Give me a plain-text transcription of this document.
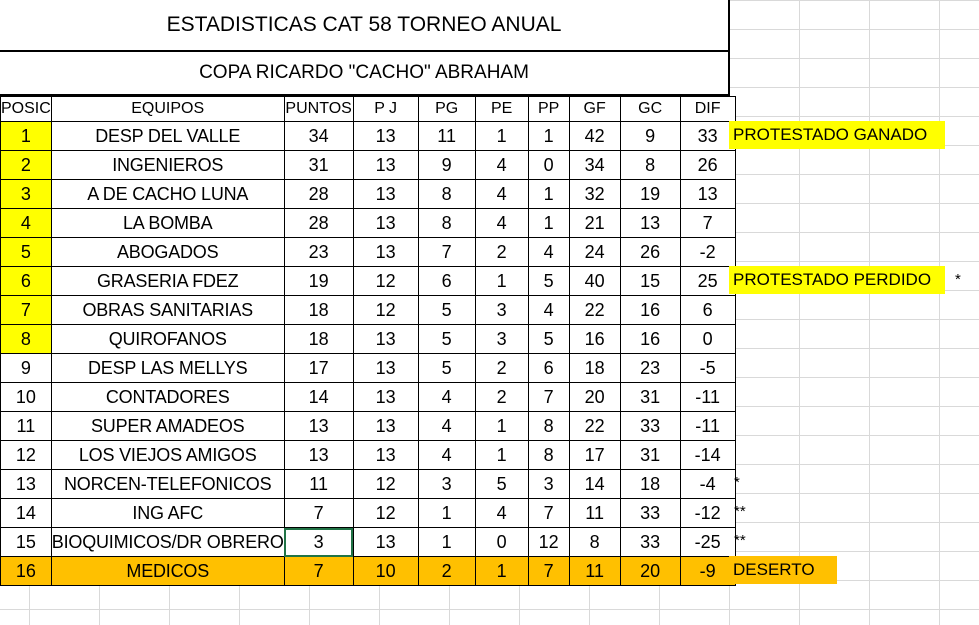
ESTADISTICAS CAT 58 TORNEO ANUAL
COPA RICARDO "CACHO" ABRAHAM
POSIC	EQUIPOS	PUNTOS	P J	PG	PE	PP	GF	GC	DIF
1	DESP DEL VALLE	34	13	11	1	1	42	9	33
2	INGENIEROS	31	13	9	4	0	34	8	26
3	A DE CACHO LUNA	28	13	8	4	1	32	19	13
4	LA BOMBA	28	13	8	4	1	21	13	7
5	ABOGADOS	23	13	7	2	4	24	26	-2
6	GRASERIA FDEZ	19	12	6	1	5	40	15	25
7	OBRAS SANITARIAS	18	12	5	3	4	22	16	6
8	QUIROFANOS	18	13	5	3	5	16	16	0
9	DESP LAS MELLYS	17	13	5	2	6	18	23	-5
10	CONTADORES	14	13	4	2	7	20	31	-11
11	SUPER AMADEOS	13	13	4	1	8	22	33	-11
12	LOS VIEJOS AMIGOS	13	13	4	1	8	17	31	-14
13	NORCEN-TELEFONICOS	11	12	3	5	3	14	18	-4
14	ING AFC	7	12	1	4	7	11	33	-12
15	BIOQUIMICOS/DR OBRERO	3	13	1	0	12	8	33	-25
16	MEDICOS	7	10	2	1	7	11	20	-9
PROTESTADO GANADO
PROTESTADO PERDIDO	*
*
**
**
DESERTO
